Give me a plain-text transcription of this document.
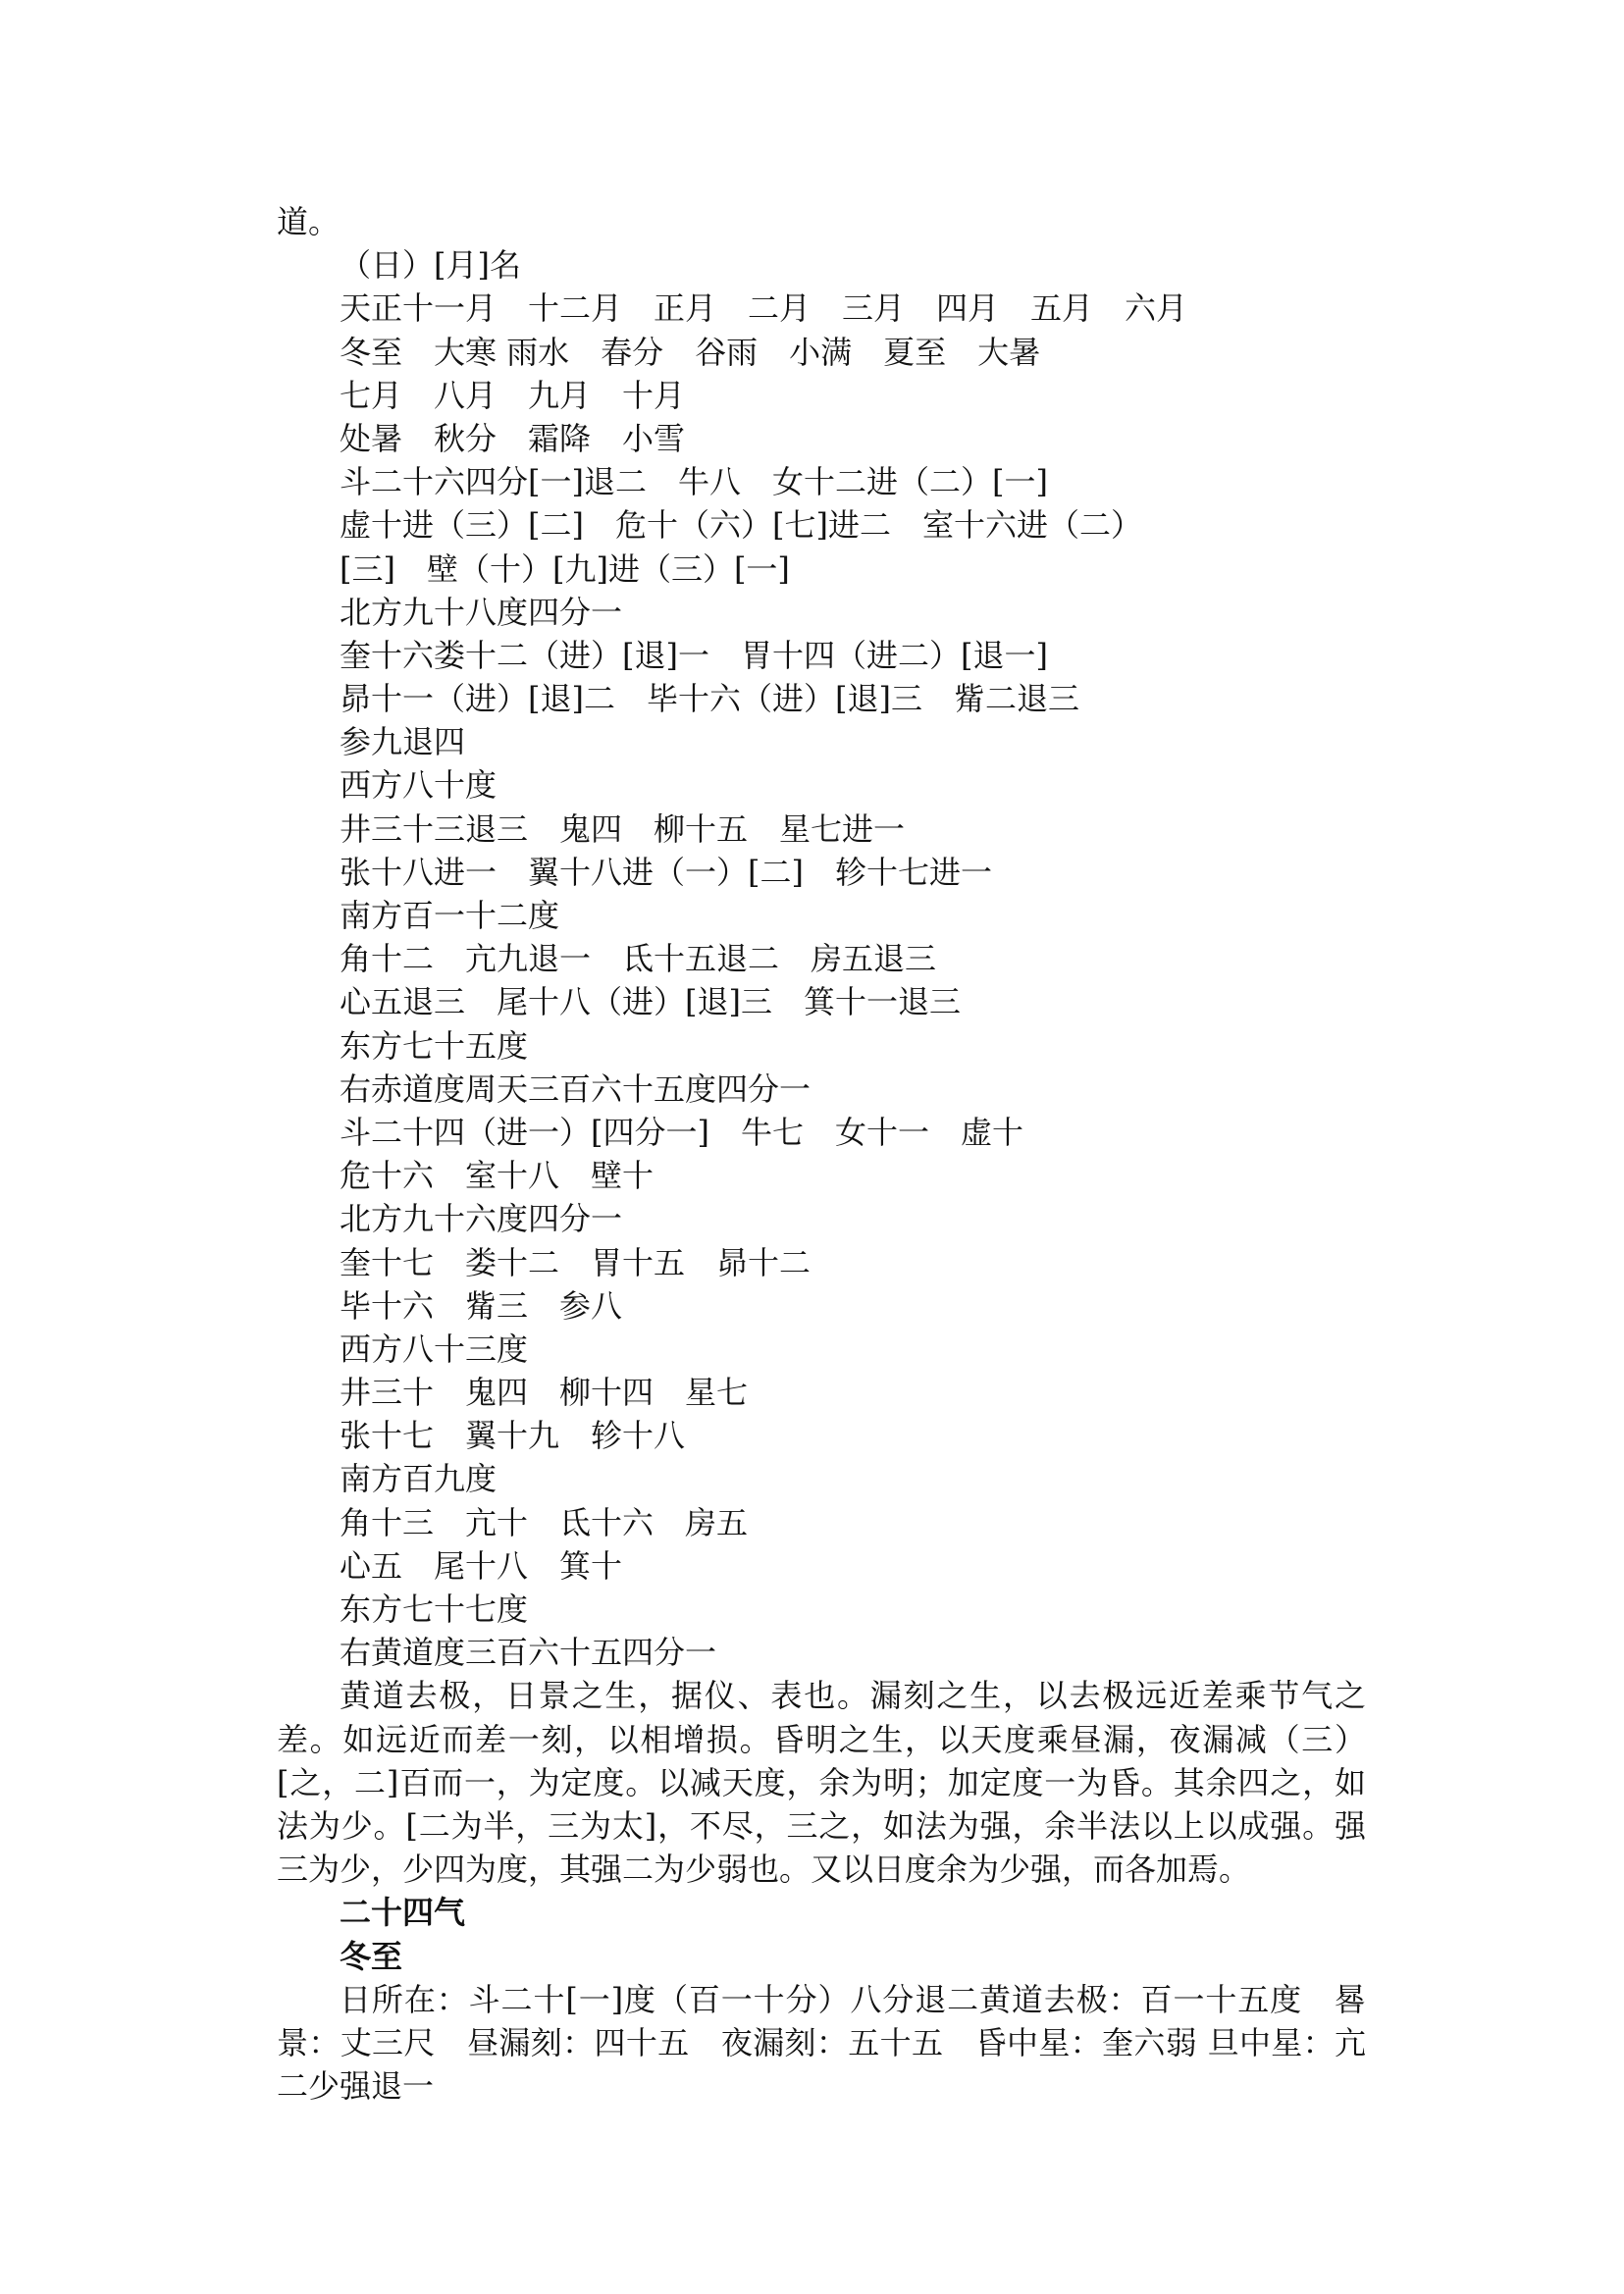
道。
（日）[月]名
天正十一月　十二月　正月　二月　三月　四月　五月　六月
冬至　大寒 雨水　春分　谷雨　小满　夏至　大暑
七月　八月　九月　十月
处暑　秋分　霜降　小雪
斗二十六四分[一]退二　牛八　女十二进（二）[一]
虚十进（三）[二]　危十（六）[七]进二　室十六进（二）
[三]　壁（十）[九]进（三）[一]
北方九十八度四分一
奎十六娄十二（进）[退]一　胃十四（进二）[退一]
昴十一（进）[退]二　毕十六（进）[退]三　觜二退三
参九退四
西方八十度
井三十三退三　鬼四　柳十五　星七进一
张十八进一　翼十八进（一）[二]　轸十七进一
南方百一十二度
角十二　亢九退一　氐十五退二　房五退三
心五退三　尾十八（进）[退]三　箕十一退三
东方七十五度
右赤道度周天三百六十五度四分一
斗二十四（进一）[四分一]　牛七　女十一　虚十
危十六　室十八　壁十
北方九十六度四分一
奎十七　娄十二　胃十五　昴十二
毕十六　觜三　参八
西方八十三度
井三十　鬼四　柳十四　星七
张十七　翼十九　轸十八
南方百九度
角十三　亢十　氐十六　房五
心五　尾十八　箕十
东方七十七度
右黄道度三百六十五四分一
黄道去极，日景之生，据仪、表也。漏刻之生，以去极远近差乘节气之差。如远近而差一刻，以相增损。昏明之生，以天度乘昼漏，夜漏减（三）[之，二]百而一，为定度。以减天度，余为明；加定度一为昏。其余四之，如法为少。[二为半，三为太]，不尽，三之，如法为强，余半法以上以成强。强三为少，少四为度，其强二为少弱也。又以日度余为少强，而各加焉。
二十四气
冬至
日所在：斗二十[一]度（百一十分）八分退二黄道去极：百一十五度　晷景：丈三尺　昼漏刻：四十五　夜漏刻：五十五　昏中星：奎六弱 旦中星：亢二少强退一
